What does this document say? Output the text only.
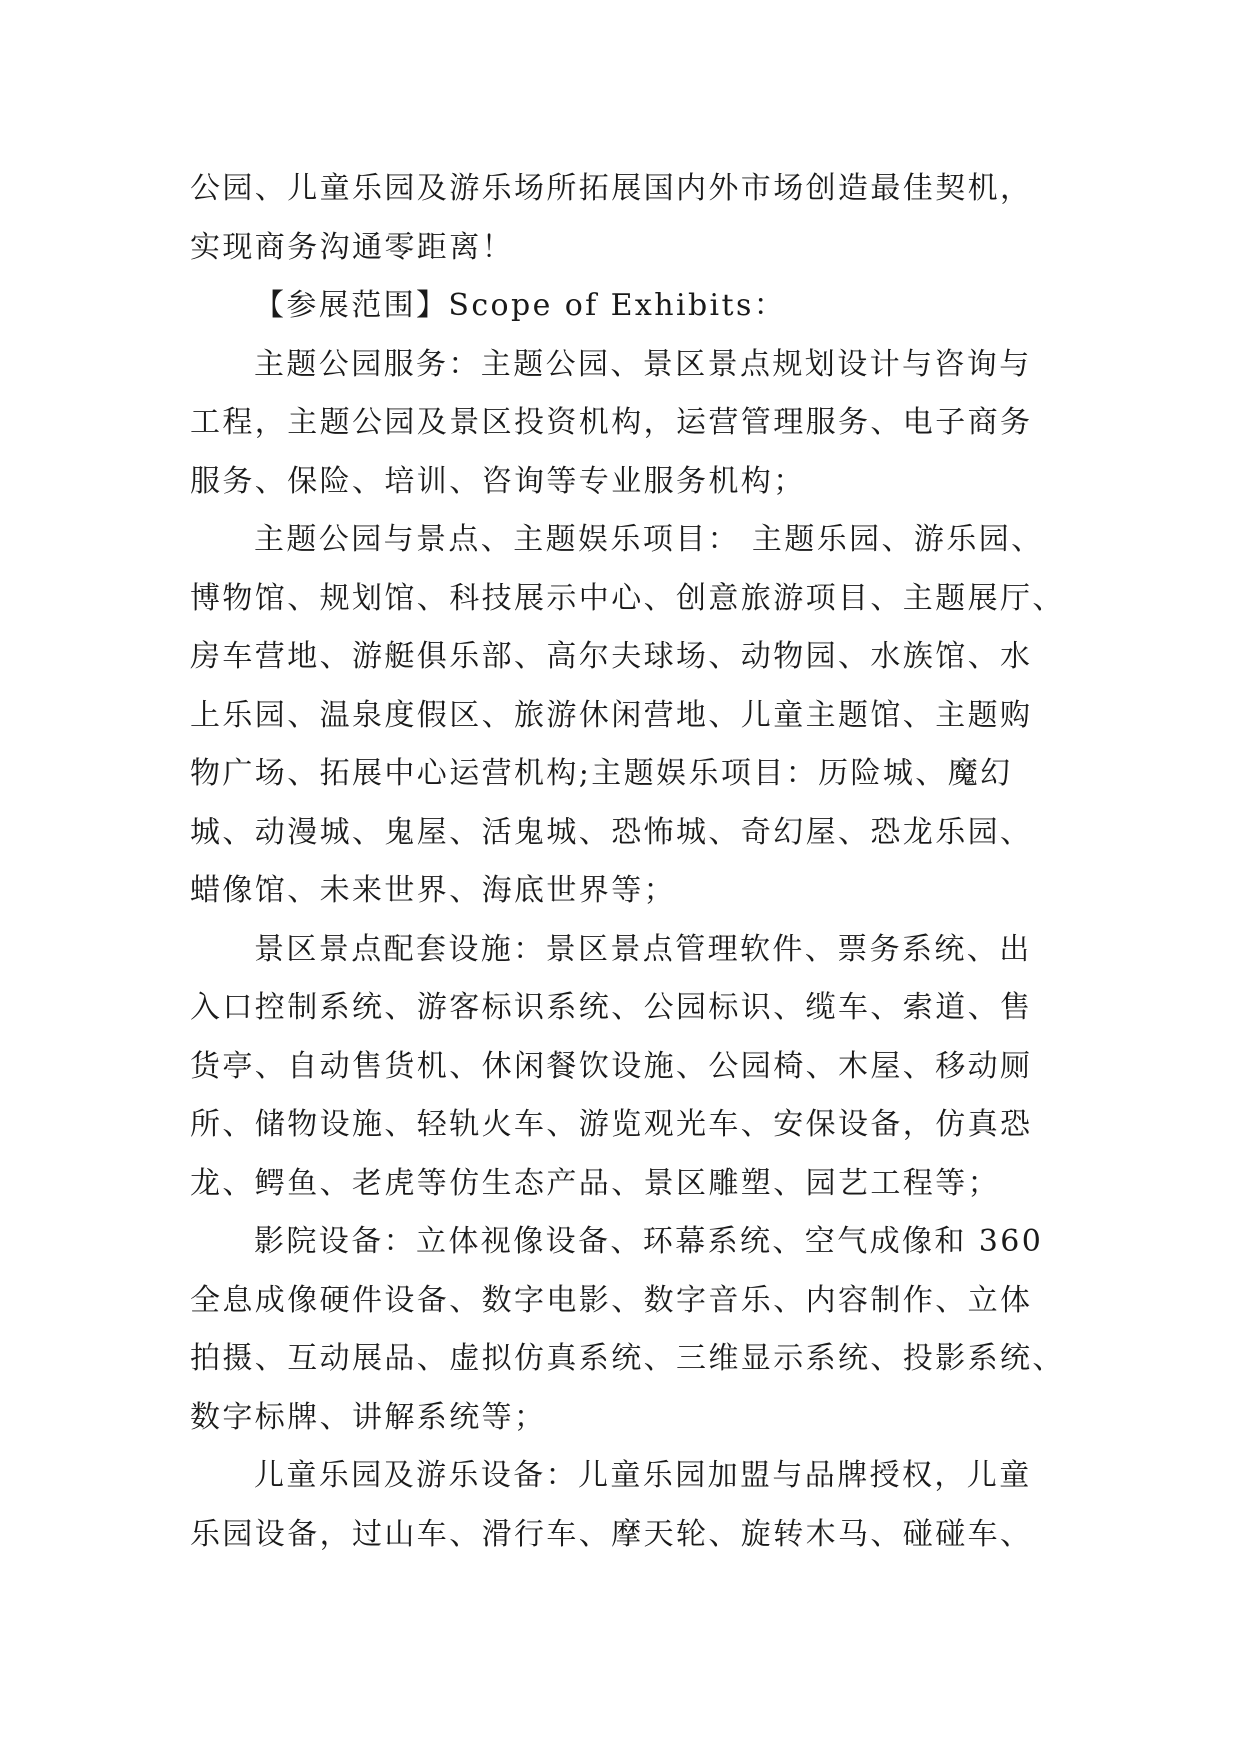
公园、儿童乐园及游乐场所拓展国内外市场创造最佳契机，
实现商务沟通零距离！
【参展范围】Scope of Exhibits：
主题公园服务：主题公园、景区景点规划设计与咨询与
工程，主题公园及景区投资机构，运营管理服务、电子商务
服务、保险、培训、咨询等专业服务机构；
主题公园与景点、主题娱乐项目： 主题乐园、游乐园、
博物馆、规划馆、科技展示中心、创意旅游项目、主题展厅、
房车营地、游艇俱乐部、高尔夫球场、动物园、水族馆、水
上乐园、温泉度假区、旅游休闲营地、儿童主题馆、主题购
物广场、拓展中心运营机构;主题娱乐项目：历险城、魔幻
城、动漫城、鬼屋、活鬼城、恐怖城、奇幻屋、恐龙乐园、
蜡像馆、未来世界、海底世界等；
景区景点配套设施：景区景点管理软件、票务系统、出
入口控制系统、游客标识系统、公园标识、缆车、索道、售
货亭、自动售货机、休闲餐饮设施、公园椅、木屋、移动厕
所、储物设施、轻轨火车、游览观光车、安保设备，仿真恐
龙、鳄鱼、老虎等仿生态产品、景区雕塑、园艺工程等；
影院设备：立体视像设备、环幕系统、空气成像和 360
全息成像硬件设备、数字电影、数字音乐、内容制作、立体
拍摄、互动展品、虚拟仿真系统、三维显示系统、投影系统、
数字标牌、讲解系统等；
儿童乐园及游乐设备：儿童乐园加盟与品牌授权，儿童
乐园设备，过山车、滑行车、摩天轮、旋转木马、碰碰车、
